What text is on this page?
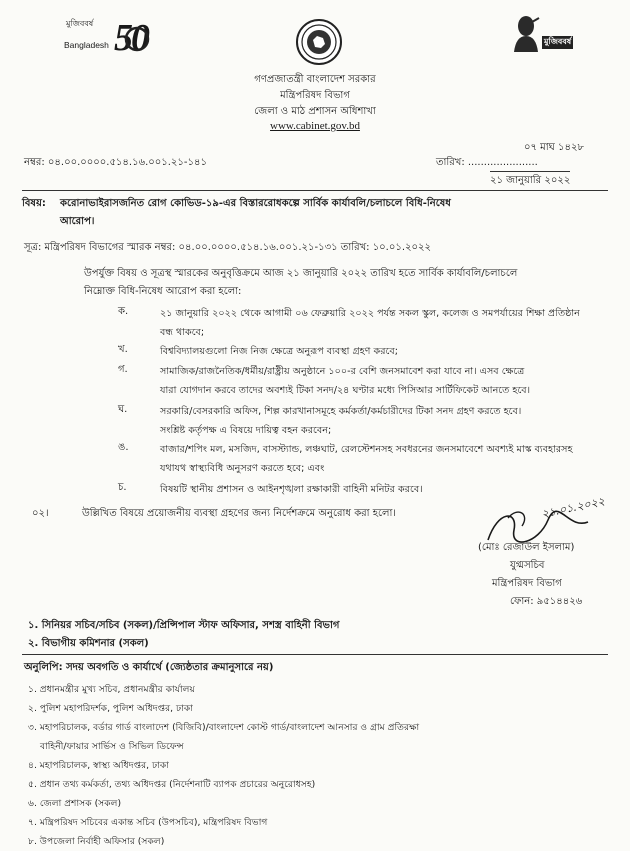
মুজিববর্ষ
Bangladesh 50	মুজিববর্ষ
গণপ্রজাতন্ত্রী বাংলাদেশ সরকার
মন্ত্রিপরিষদ বিভাগ
জেলা ও মাঠ প্রশাসন অধিশাখা
www.cabinet.gov.bd
নম্বর: ০৪.০০.০০০০.৫১৪.১৬.০০১.২১-১৪১
০৭ মাঘ ১৪২৮
তারিখ: ......................
২১ জানুয়ারি ২০২২
বিষয়: করোনাভাইরাসজনিত রোগ কোভিড-১৯-এর বিস্তাররোধকল্পে সার্বিক কার্যাবলি/চলাচলে বিধি-নিষেধ
আরোপ।
সূত্র: মন্ত্রিপরিষদ বিভাগের স্মারক নম্বর: ০৪.০০.০০০০.৫১৪.১৬.০০১.২১-১৩১ তারিখ: ১০.০১.২০২২
উপর্যুক্ত বিষয় ও সূত্রস্থ স্মারকের অনুবৃত্তিক্রমে আজ ২১ জানুয়ারি ২০২২ তারিখ হতে সার্বিক কার্যাবলি/চলাচলে
নিম্নোক্ত বিধি-নিষেধ আরোপ করা হলো:
ক.	২১ জানুয়ারি ২০২২ থেকে আগামী ০৬ ফেব্রুয়ারি ২০২২ পর্যন্ত সকল স্কুল, কলেজ ও সমপর্যায়ের শিক্ষা প্রতিষ্ঠান
বন্ধ থাকবে;
খ.	বিশ্ববিদ্যালয়গুলো নিজ নিজ ক্ষেত্রে অনুরূপ ব্যবস্থা গ্রহণ করবে;
গ.	সামাজিক/রাজনৈতিক/ধর্মীয়/রাষ্ট্রীয় অনুষ্ঠানে ১০০-র বেশি জনসমাবেশ করা যাবে না। এসব ক্ষেত্রে
যারা যোগদান করবে তাদের অবশ্যই টিকা সনদ/২৪ ঘণ্টার মধ্যে পিসিআর সার্টিফিকেট আনতে হবে।
ঘ.	সরকারি/বেসরকারি অফিস, শিল্প কারখানাসমূহে কর্মকর্তা/কর্মচারীদের টিকা সনদ গ্রহণ করতে হবে।
সংশ্লিষ্ট কর্তৃপক্ষ এ বিষয়ে দায়িত্ব বহন করবেন;
ঙ.	বাজার/শপিং মল, মসজিদ, বাসস্ট্যান্ড, লঞ্চঘাট, রেলস্টেশনসহ সবধরনের জনসমাবেশে অবশ্যই মাস্ক ব্যবহারসহ
যথাযথ স্বাস্থ্যবিধি অনুসরণ করতে হবে; এবং
চ.	বিষয়টি স্থানীয় প্রশাসন ও আইনশৃঙ্খলা রক্ষাকারী বাহিনী মনিটর করবে।
০২।	উল্লিখিত বিষয়ে প্রয়োজনীয় ব্যবস্থা গ্রহণের জন্য নির্দেশক্রমে অনুরোধ করা হলো।	২১.০১.২০২২
(মোঃ রেজাউল ইসলাম)
যুগ্মসচিব
মন্ত্রিপরিষদ বিভাগ
ফোন: ৯৫১৪৪২৬
১. সিনিয়র সচিব/সচিব (সকল)/প্রিন্সিপাল স্টাফ অফিসার, সশস্ত্র বাহিনী বিভাগ
২. বিভাগীয় কমিশনার (সকল)
অনুলিপি: সদয় অবগতি ও কার্যার্থে (জ্যেষ্ঠতার ক্রমানুসারে নয়)
১. প্রধানমন্ত্রীর মুখ্য সচিব, প্রধানমন্ত্রীর কার্যালয়
২. পুলিশ মহাপরিদর্শক, পুলিশ অধিদপ্তর, ঢাকা
৩. মহাপরিচালক, বর্ডার গার্ড বাংলাদেশ (বিজিবি)/বাংলাদেশ কোস্ট গার্ড/বাংলাদেশ আনসার ও গ্রাম প্রতিরক্ষা
বাহিনী/ফায়ার সার্ভিস ও সিভিল ডিফেন্স
৪. মহাপরিচালক, স্বাস্থ্য অধিদপ্তর, ঢাকা
৫. প্রধান তথ্য কর্মকর্তা, তথ্য অধিদপ্তর (নির্দেশনাটি ব্যাপক প্রচারের অনুরোধসহ)
৬. জেলা প্রশাসক (সকল)
৭. মন্ত্রিপরিষদ সচিবের একান্ত সচিব (উপসচিব), মন্ত্রিপরিষদ বিভাগ
৮. উপজেলা নির্বাহী অফিসার (সকল)
